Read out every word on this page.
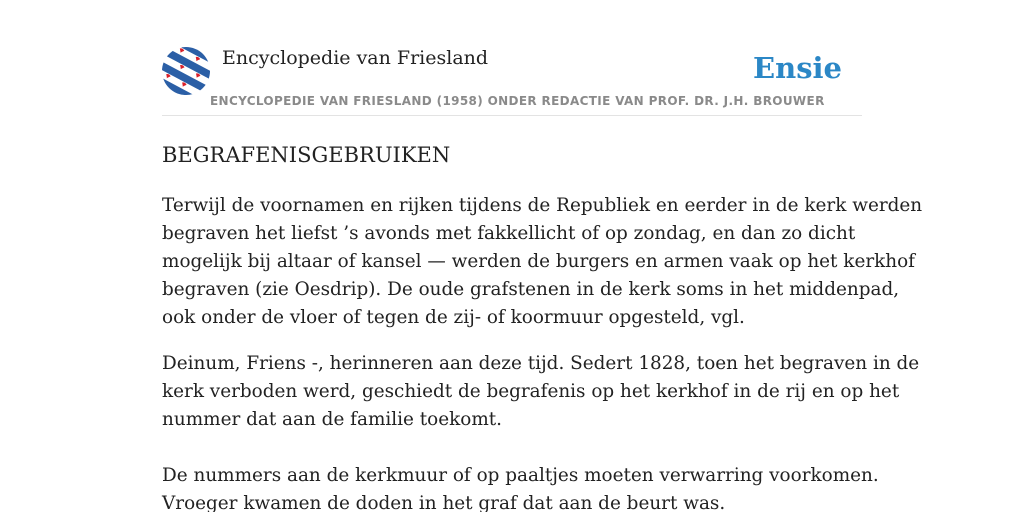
Encyclopedie van Friesland	Ensie
ENCYCLOPEDIE VAN FRIESLAND (1958) ONDER REDACTIE VAN PROF. DR. J.H. BROUWER
BEGRAFENISGEBRUIKEN

Terwijl de voornamen en rijken tijdens de Republiek en eerder in de kerk werden
begraven het liefst ’s avonds met fakkellicht of op zondag, en dan zo dicht
mogelijk bij altaar of kansel — werden de burgers en armen vaak op het kerkhof
begraven (zie Oesdrip). De oude grafstenen in de kerk soms in het middenpad,
ook onder de vloer of tegen de zij- of koormuur opgesteld, vgl.

Deinum, Friens -, herinneren aan deze tijd. Sedert 1828, toen het begraven in de
kerk verboden werd, geschiedt de begrafenis op het kerkhof in de rij en op het
nummer dat aan de familie toekomt.

De nummers aan de kerkmuur of op paaltjes moeten verwarring voorkomen.
Vroeger kwamen de doden in het graf dat aan de beurt was.
